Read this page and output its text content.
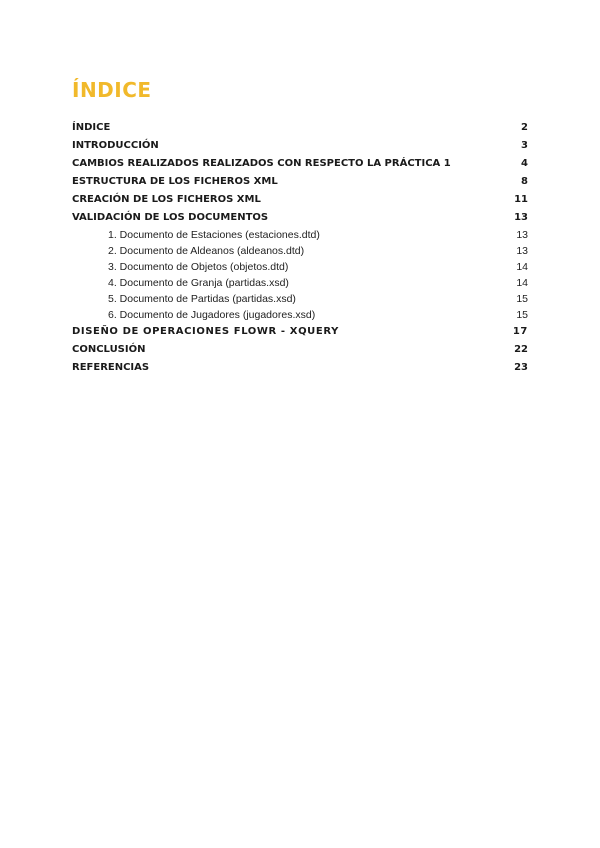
ÍNDICE
ÍNDICE	2
INTRODUCCIÓN	3
CAMBIOS REALIZADOS REALIZADOS CON RESPECTO LA PRÁCTICA 1	4
ESTRUCTURA DE LOS FICHEROS XML	8
CREACIÓN DE LOS FICHEROS XML	11
VALIDACIÓN DE LOS DOCUMENTOS	13
1. Documento de Estaciones (estaciones.dtd)	13
2. Documento de Aldeanos (aldeanos.dtd)	13
3. Documento de Objetos (objetos.dtd)	14
4. Documento de Granja (partidas.xsd)	14
5. Documento de Partidas (partidas.xsd)	15
6. Documento de Jugadores (jugadores.xsd)	15
DISEÑO DE OPERACIONES FLOWR - XQUERY	17
CONCLUSIÓN	22
REFERENCIAS	23
